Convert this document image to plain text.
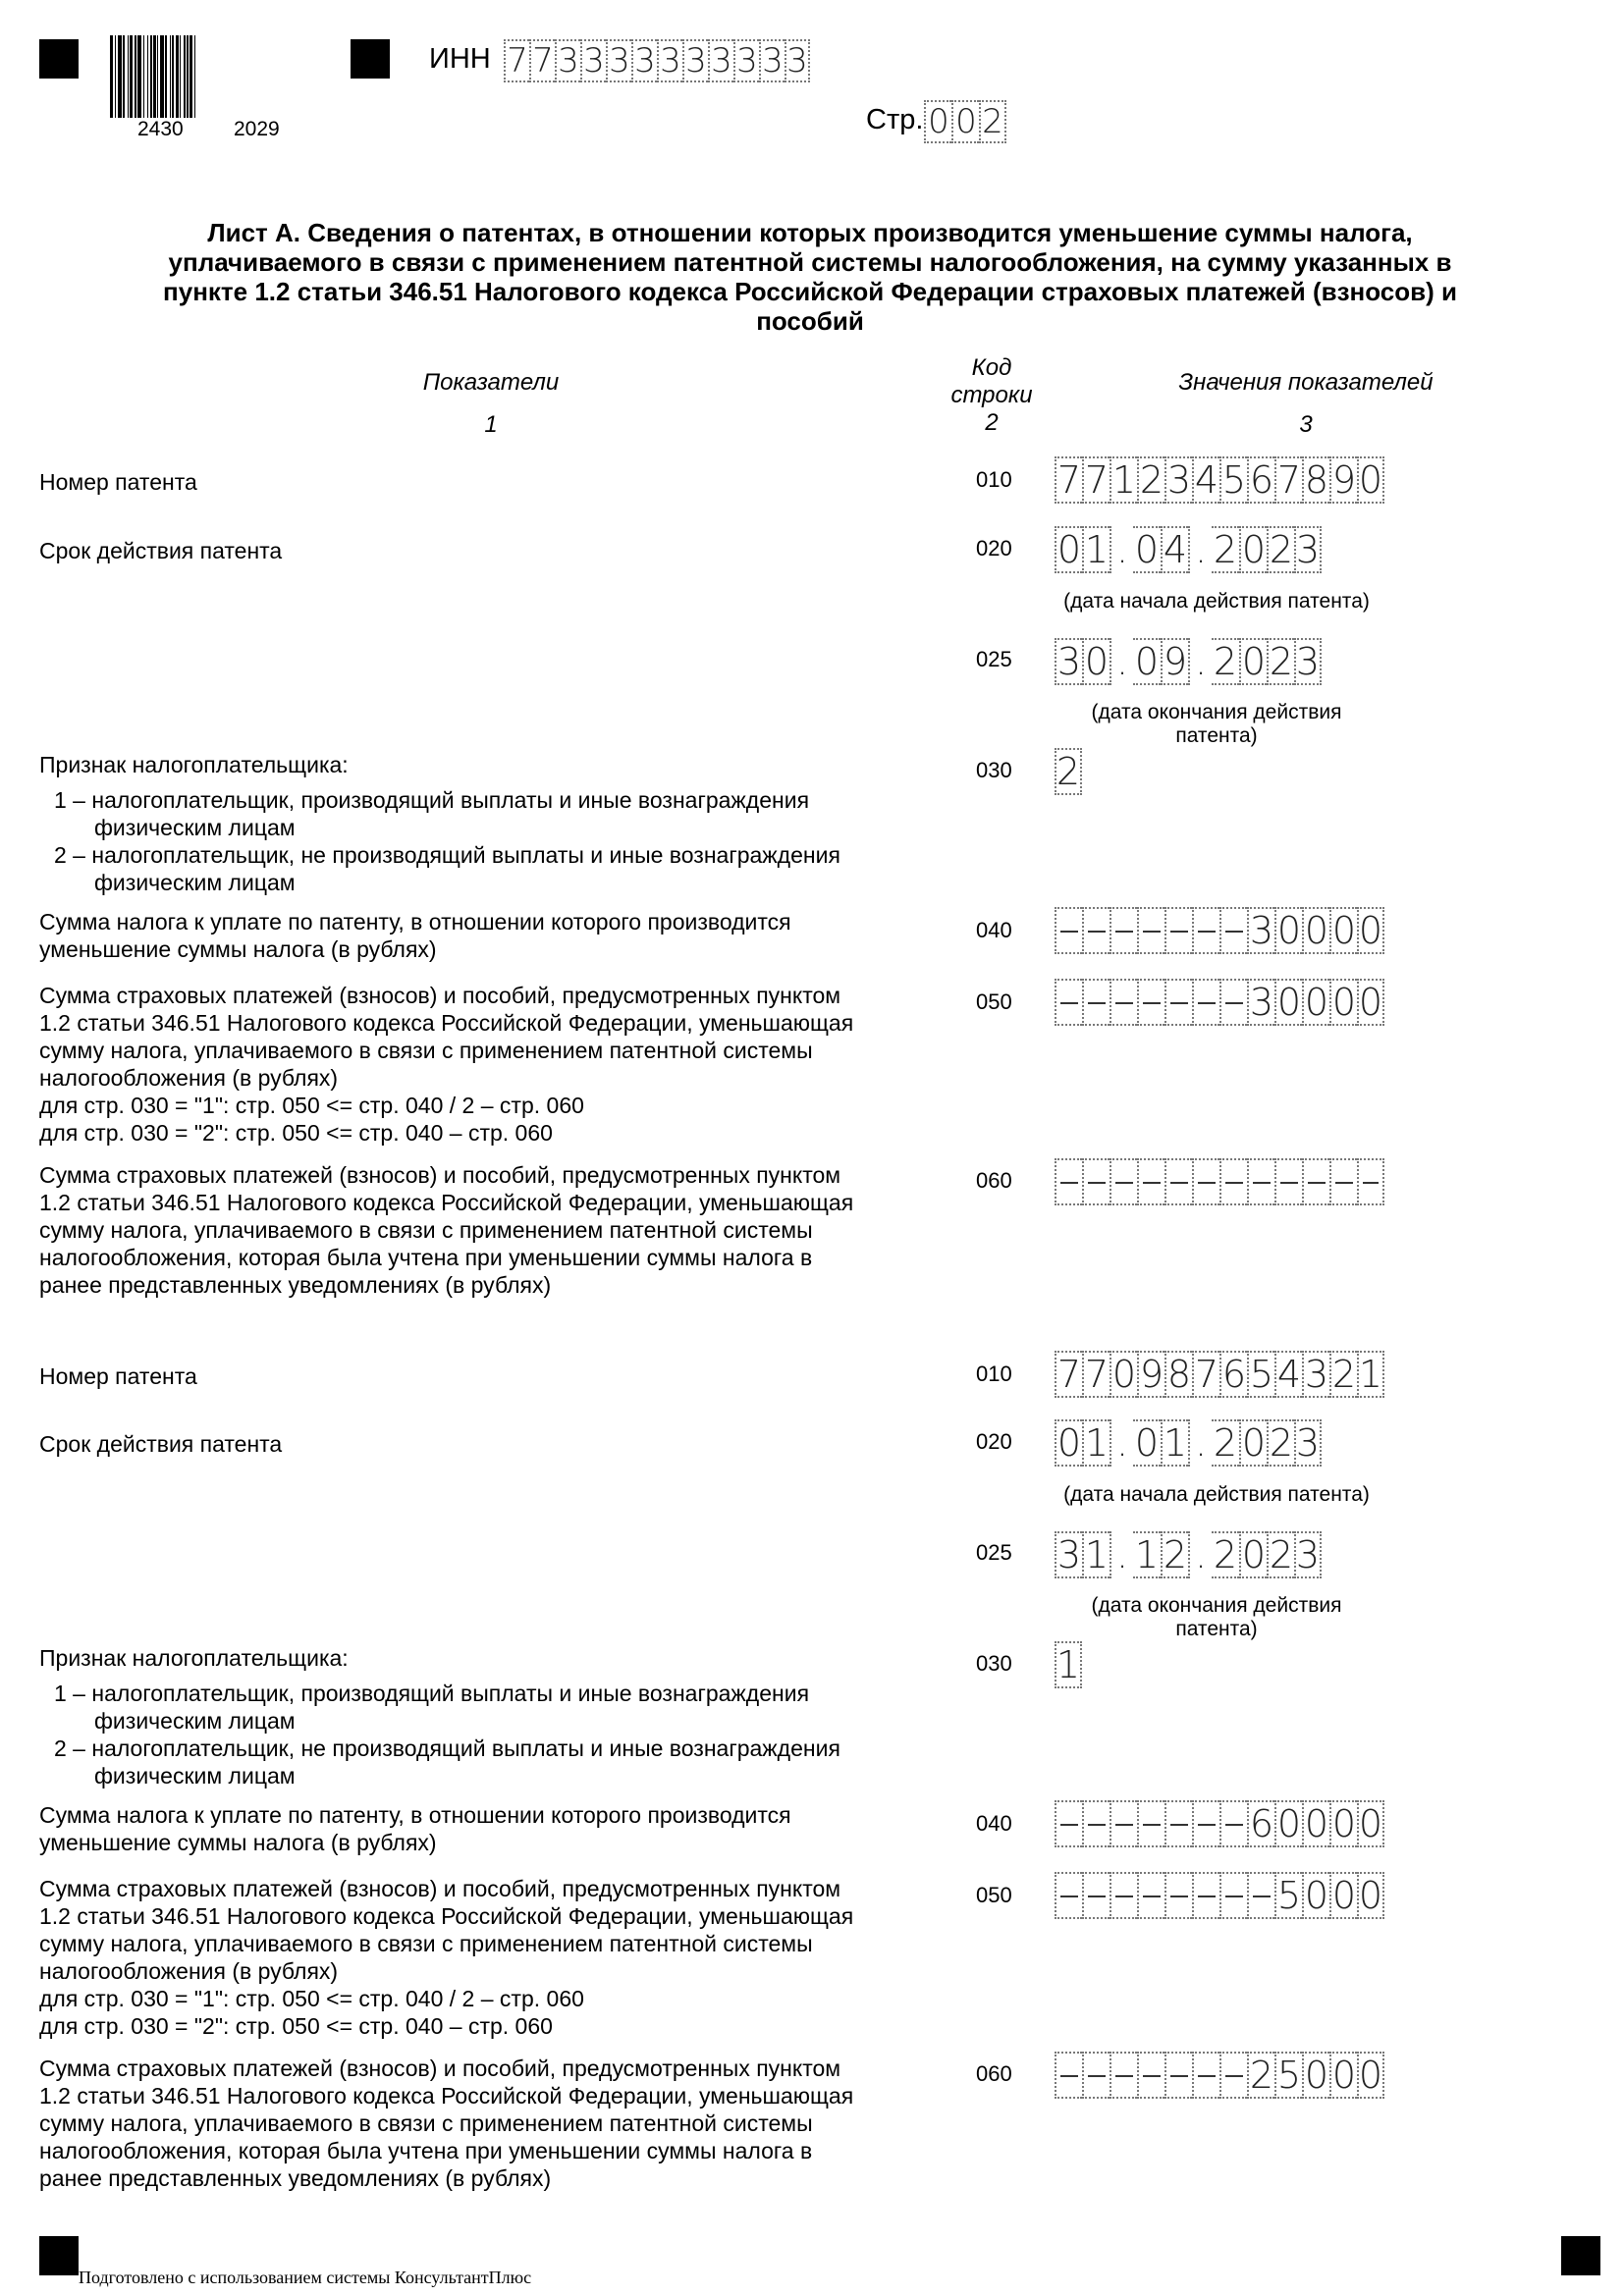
2430 2029
ИНН 7 7 3 3 3 3 3 3 3 3 3 3
Стр. 0 0 2
Лист А. Сведения о патентах, в отношении которых производится уменьшение суммы налога, уплачиваемого в связи с применением патентной системы налогообложения, на сумму указанных в пункте 1.2 статьи 346.51 Налогового кодекса Российской Федерации страховых платежей (взносов) и пособий
Показатели
1
Код
строки
2
Значения показателей
3
Номер патента	010 7 7 1 2 3 4 5 6 7 8 9 0
Срок действия патента	020 0 1 . 0 4 . 2 0 2 3
(дата начала действия патента)
025 3 0 . 0 9 . 2 0 2 3
(дата окончания действия патента)
Признак налогоплательщика:
1 – налогоплательщик, производящий выплаты и иные вознаграждения
физическим лицам
2 – налогоплательщик, не производящий выплаты и иные вознаграждения
физическим лицам
030 2
Сумма налога к уплате по патенту, в отношении которого производится
уменьшение суммы налога (в рублях)
040	3 0 0 0 0
Сумма страховых платежей (взносов) и пособий, предусмотренных пунктом
1.2 статьи 346.51 Налогового кодекса Российской Федерации, уменьшающая
сумму налога, уплачиваемого в связи с применением патентной системы
налогообложения (в рублях)
для стр. 030 = "1": стр. 050 <= стр. 040 / 2 – стр. 060
для стр. 030 = "2": стр. 050 <= стр. 040 – стр. 060
050	3 0 0 0 0
Сумма страховых платежей (взносов) и пособий, предусмотренных пунктом
1.2 статьи 346.51 Налогового кодекса Российской Федерации, уменьшающая
сумму налога, уплачиваемого в связи с применением патентной системы
налогообложения, которая была учтена при уменьшении суммы налога в
ранее представленных уведомлениях (в рублях)
060
Номер патента	010 7 7 0 9 8 7 6 5 4 3 2 1
Срок действия патента	020 0 1 . 0 1 . 2 0 2 3
(дата начала действия патента)
025 3 1 . 1 2 . 2 0 2 3
(дата окончания действия патента)
Признак налогоплательщика:
1 – налогоплательщик, производящий выплаты и иные вознаграждения
физическим лицам
2 – налогоплательщик, не производящий выплаты и иные вознаграждения
физическим лицам
030 1
Сумма налога к уплате по патенту, в отношении которого производится
уменьшение суммы налога (в рублях)
040	6 0 0 0 0
Сумма страховых платежей (взносов) и пособий, предусмотренных пунктом
1.2 статьи 346.51 Налогового кодекса Российской Федерации, уменьшающая
сумму налога, уплачиваемого в связи с применением патентной системы
налогообложения (в рублях)
для стр. 030 = "1": стр. 050 <= стр. 040 / 2 – стр. 060
для стр. 030 = "2": стр. 050 <= стр. 040 – стр. 060
050	5 0 0 0
Сумма страховых платежей (взносов) и пособий, предусмотренных пунктом
1.2 статьи 346.51 Налогового кодекса Российской Федерации, уменьшающая
сумму налога, уплачиваемого в связи с применением патентной системы
налогообложения, которая была учтена при уменьшении суммы налога в
ранее представленных уведомлениях (в рублях)
060	2 5 0 0 0
Подготовлено с использованием системы КонсультантПлюс
